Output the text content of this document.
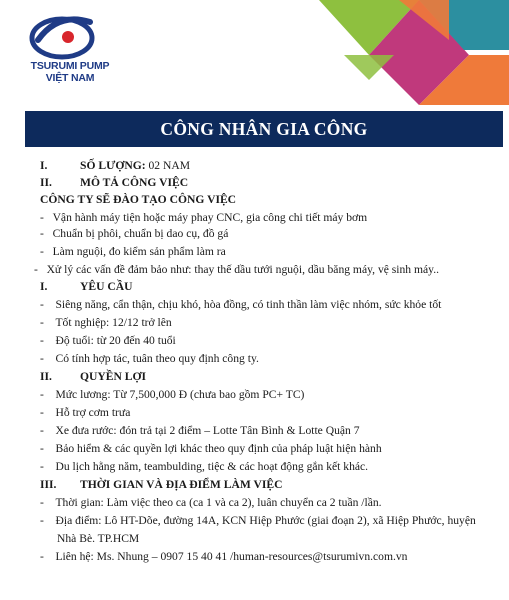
TSURUMI PUMP
VIỆT NAM
CÔNG NHÂN GIA CÔNG
I.	SỐ LƯỢNG: 02 NAM
II. MÔ TẢ CÔNG VIỆC
CÔNG TY SẼ ĐÀO TẠO CÔNG VIỆC
-   Vận hành máy tiện hoặc máy phay CNC, gia công chi tiết máy bơm
-   Chuẩn bị phôi, chuẩn bị dao cụ, đồ gá
-   Làm nguội, đo kiểm sản phẩm làm ra
-   Xử lý các vấn đề đảm bảo như: thay thế dầu tưới nguội, dầu băng máy, vệ sinh máy..
I.	YÊU CẦU
-    Siêng năng, cẩn thận, chịu khó, hòa đồng, có tinh thần làm việc nhóm, sức khỏe tốt
-    Tốt nghiệp: 12/12 trở lên
-    Độ tuổi: từ 20 đến 40 tuổi
-    Có tính hợp tác, tuân theo quy định công ty.
II. QUYỀN LỢI
-    Mức lương: Từ 7,500,000 Đ (chưa bao gồm PC+ TC)
-    Hỗ trợ cơm trưa
-    Xe đưa rước: đón trả tại 2 điểm – Lotte Tân Bình & Lotte Quận 7
-    Bảo hiểm & các quyền lợi khác theo quy định của pháp luật hiện hành
-    Du lịch hằng năm, teambulding, tiệc & các hoạt động gắn kết khác.
III. THỜI GIAN VÀ ĐỊA ĐIỂM LÀM VIỆC
-    Thời gian: Làm việc theo ca (ca 1 và ca 2), luân chuyển ca 2 tuần /lần.
-    Địa điểm: Lô HT-Dõe, đường 14A, KCN Hiệp Phước (giai đoạn 2), xã Hiệp Phước, huyện
Nhà Bè. TP.HCM
-    Liên hệ: Ms. Nhung – 0907 15 40 41 /human-resources@tsurumivn.com.vn
